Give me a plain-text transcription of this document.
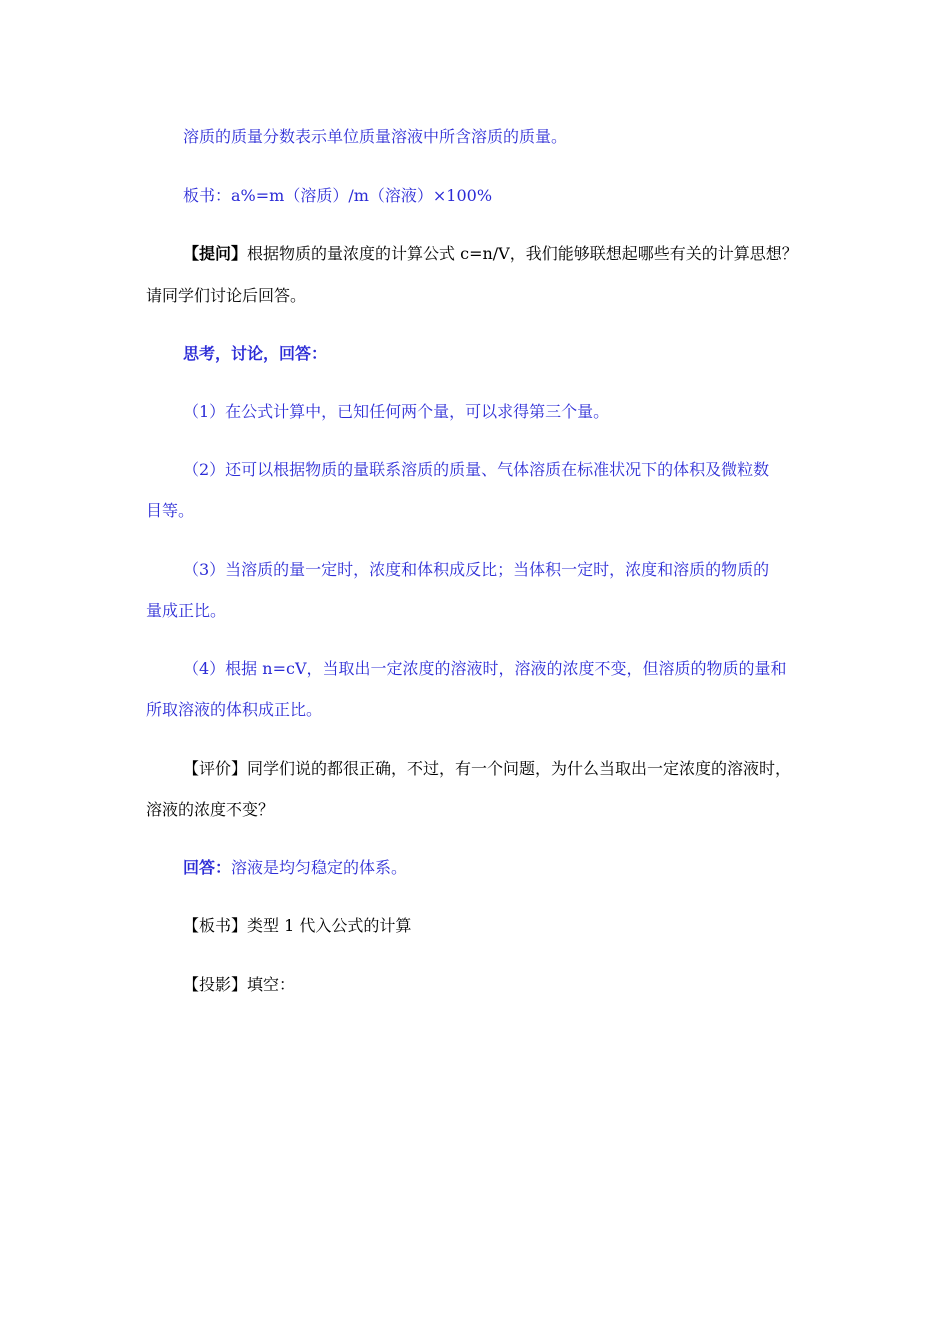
溶质的质量分数表示单位质量溶液中所含溶质的质量。

板书：a%=m（溶质）/m（溶液）×100%

【提问】根据物质的量浓度的计算公式 c=n/V，我们能够联想起哪些有关的计算思想？

请同学们讨论后回答。

思考，讨论，回答：

（1）在公式计算中，已知任何两个量，可以求得第三个量。

（2）还可以根据物质的量联系溶质的质量、气体溶质在标准状况下的体积及微粒数

目等。

（3）当溶质的量一定时，浓度和体积成反比；当体积一定时，浓度和溶质的物质的

量成正比。

（4）根据 n=cV，当取出一定浓度的溶液时，溶液的浓度不变，但溶质的物质的量和

所取溶液的体积成正比。

【评价】同学们说的都很正确，不过，有一个问题，为什么当取出一定浓度的溶液时，

溶液的浓度不变？

回答：溶液是均匀稳定的体系。

【板书】类型 1 代入公式的计算

【投影】填空：
